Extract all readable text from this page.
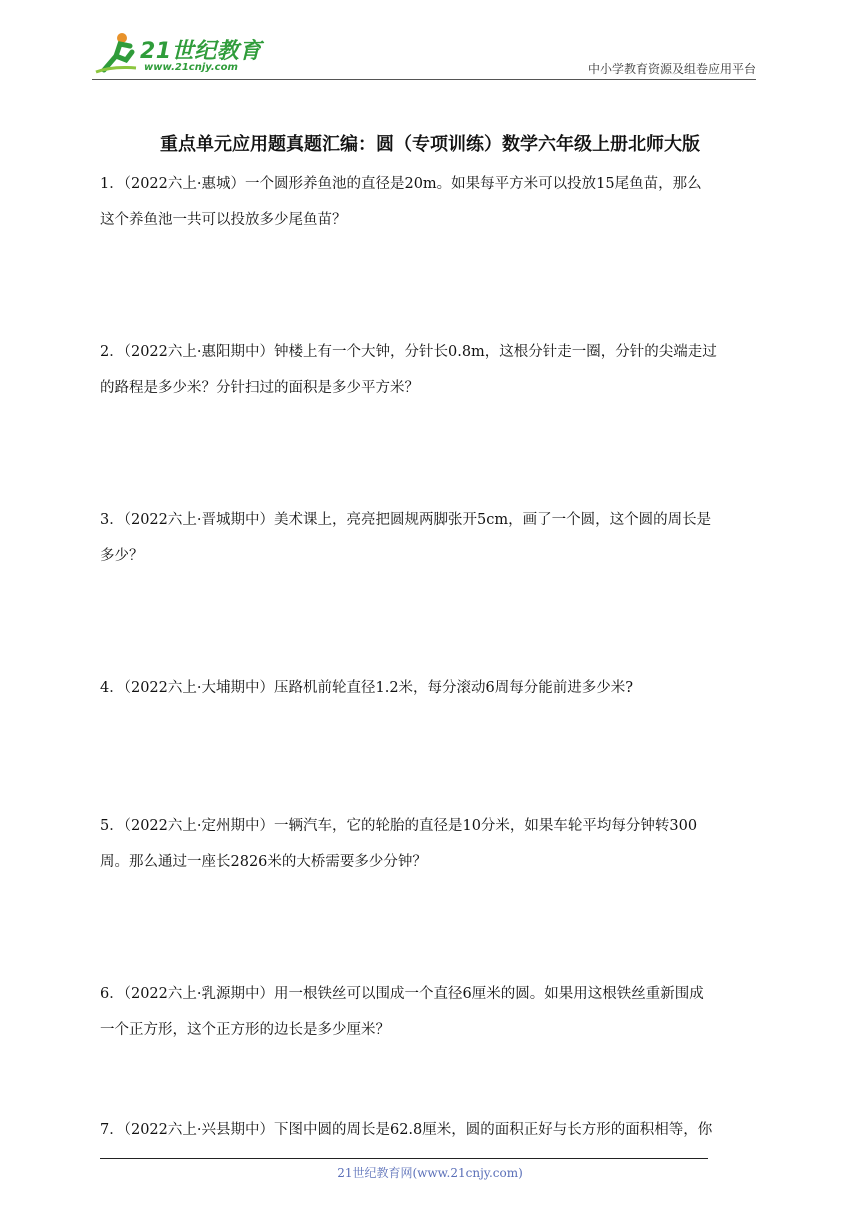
21世纪教育
www.21cnjy.com	中小学教育资源及组卷应用平台
重点单元应用题真题汇编：圆（专项训练）数学六年级上册北师大版
1．（2022六上·惠城）一个圆形养鱼池的直径是20m。如果每平方米可以投放15尾鱼苗，那么
这个养鱼池一共可以投放多少尾鱼苗？
2．（2022六上·惠阳期中）钟楼上有一个大钟，分针长0.8m，这根分针走一圈，分针的尖端走过
的路程是多少米？分针扫过的面积是多少平方米？
3．（2022六上·晋城期中）美术课上，亮亮把圆规两脚张开5cm，画了一个圆，这个圆的周长是
多少？
4．（2022六上·大埔期中）压路机前轮直径1.2米，每分滚动6周每分能前进多少米?
5．（2022六上·定州期中）一辆汽车，它的轮胎的直径是10分米，如果车轮平均每分钟转300
周。那么通过一座长2826米的大桥需要多少分钟？
6．（2022六上·乳源期中）用一根铁丝可以围成一个直径6厘米的圆。如果用这根铁丝重新围成
一个正方形，这个正方形的边长是多少厘米？
7．（2022六上·兴县期中）下图中圆的周长是62.8厘米，圆的面积正好与长方形的面积相等，你
21世纪教育网(www.21cnjy.com)
